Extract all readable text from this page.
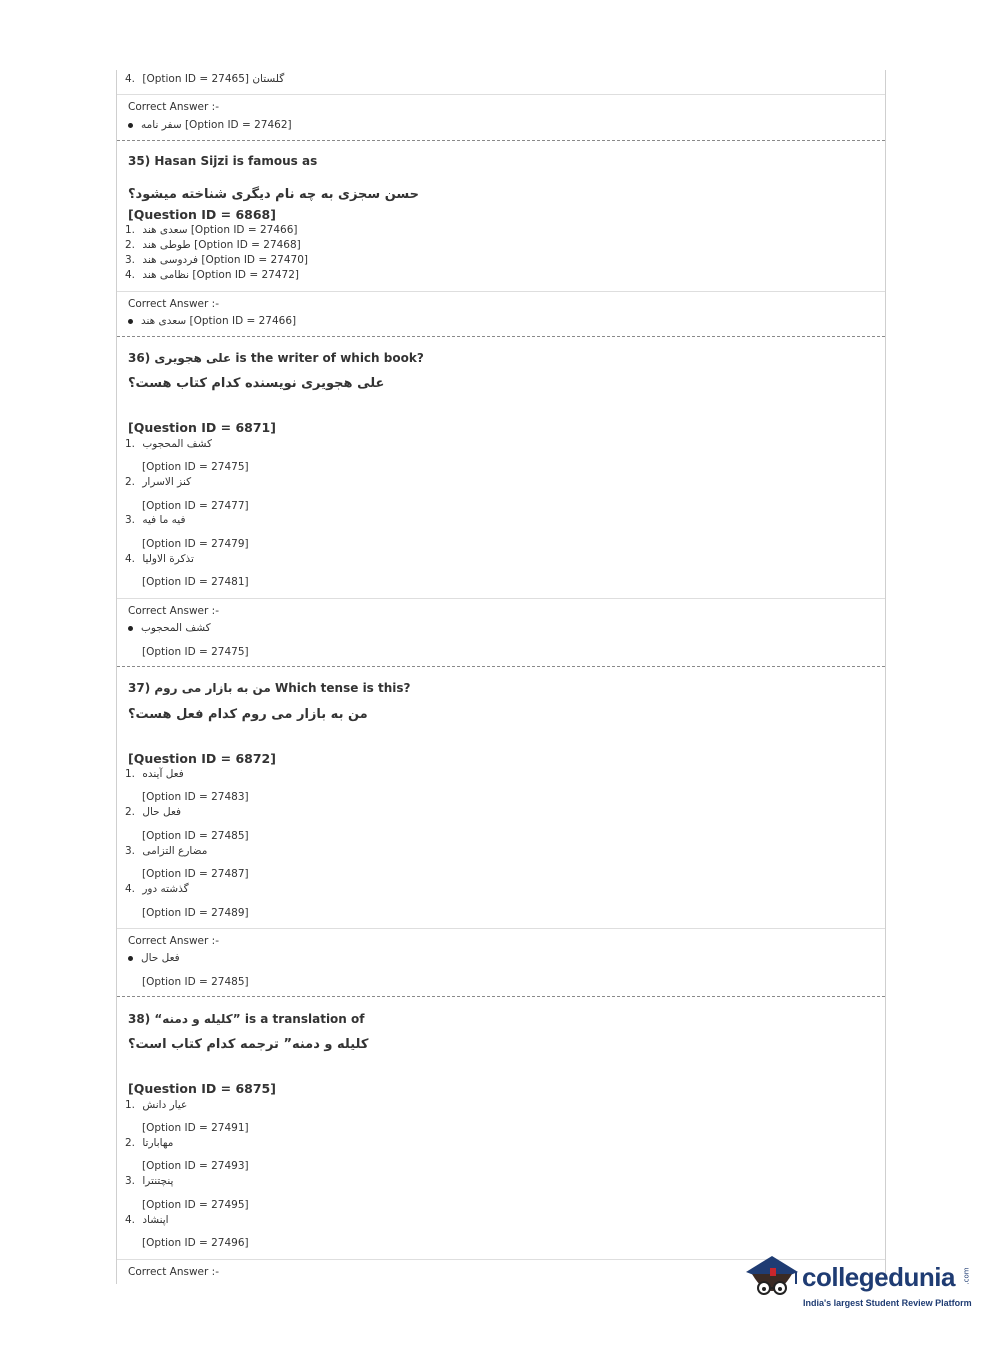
4. گلستان [Option ID = 27465]
Correct Answer :-
سفر نامه [Option ID = 27462]
35) Hasan Sijzi is famous as
حسن سجزی به چه نام دیگری شناخته میشود؟
[Question ID = 6868]
1. سعدی هند [Option ID = 27466]
2. طوطی هند [Option ID = 27468]
3. فردوسی هند [Option ID = 27470]
4. نظامی هند [Option ID = 27472]
Correct Answer :-
سعدی هند [Option ID = 27466]
36) علی هجویری is the writer of which book?
علی هجویری نویسنده کدام کتاب هست؟
[Question ID = 6871]
1. کشف المحجوب
[Option ID = 27475]
2. کنز الاسرار
[Option ID = 27477]
3. فیه ما فیه
[Option ID = 27479]
4. تذکرة الاولیا
[Option ID = 27481]
Correct Answer :-
کشف المحجوب
[Option ID = 27475]
37) من به بازار می روم Which tense is this?
من به بازار می روم کدام فعل هست؟
[Question ID = 6872]
1. فعل آینده
[Option ID = 27483]
2. فعل حال
[Option ID = 27485]
3. مضارع التزامی
[Option ID = 27487]
4. گذشته دور
[Option ID = 27489]
Correct Answer :-
فعل حال
[Option ID = 27485]
38) “کلیله و دمنه” is a translation of
کلیله و دمنه” ترجمه کدام کتاب است؟
[Question ID = 6875]
1. عیار دانش
[Option ID = 27491]
2. مهابارتا
[Option ID = 27493]
3. پنچتنترا
[Option ID = 27495]
4. اپنشاد
[Option ID = 27496]
Correct Answer :-	collegedunia .com
India's largest Student Review Platform
